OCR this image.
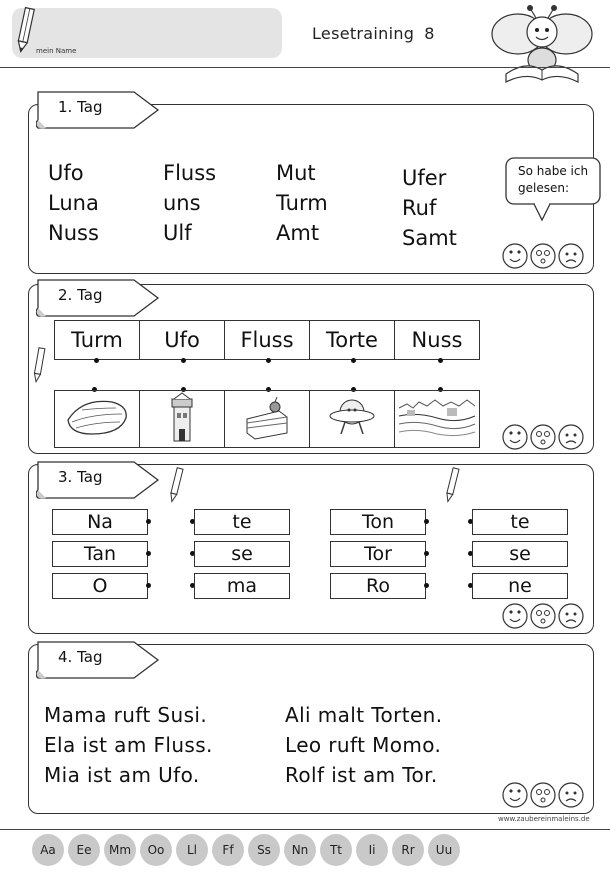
mein Name
Lesetraining 8
1. Tag
Ufo
Luna
Nuss
Fluss
uns
Ulf
Mut
Turm
Amt
Ufer
Ruf
Samt
So habe ich gelesen:
2. Tag
Turm	Ufo	Fluss	Torte	Nuss

3. Tag
Na
Tan
O
te
se
ma
Ton
Tor
Ro
te
se
ne
4. Tag
Mama ruft Susi.
Ela ist am Fluss.
Mia ist am Ufo.
Ali malt Torten.
Leo ruft Momo.
Rolf ist am Tor.
www.zaubereinmaleins.de
Aa	Ee	Mm	Oo	Ll	Ff	Ss	Nn	Tt	Ii	Rr	Uu
